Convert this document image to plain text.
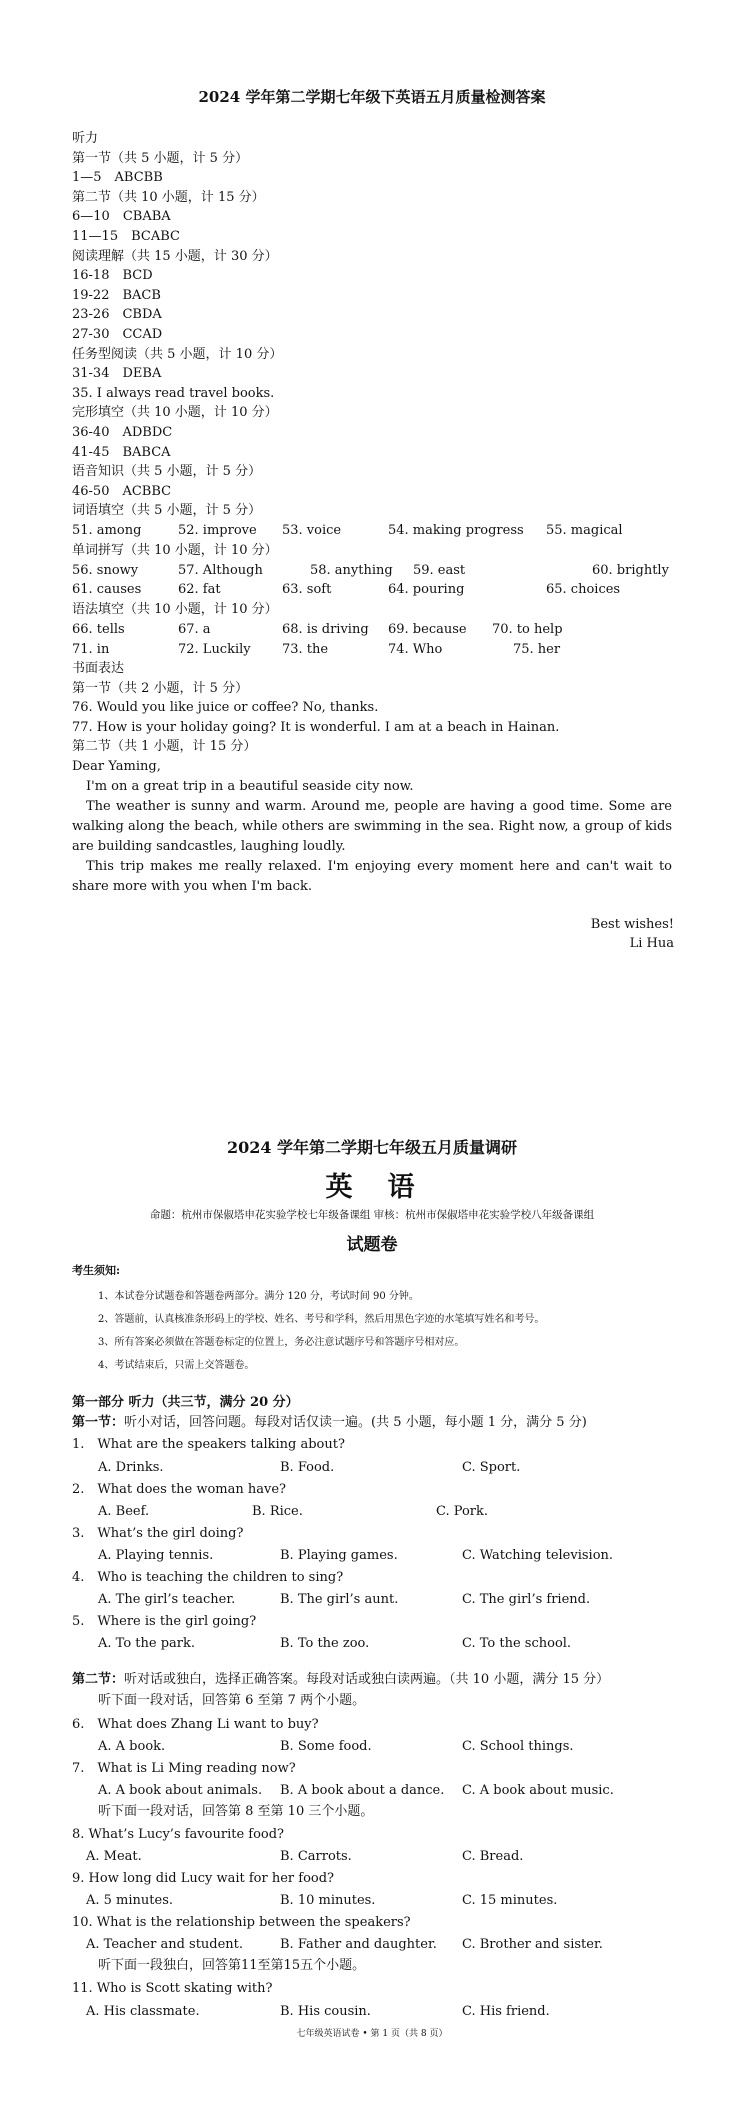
2024 学年第二学期七年级下英语五月质量检测答案
听力
第一节（共 5 小题，计 5 分）
1—5　ABCBB
第二节（共 10 小题，计 15 分）
6—10　CBABA
11—15　BCABC
阅读理解（共 15 小题，计 30 分）
16-18　BCD
19-22　BACB
23-26　CBDA
27-30　CCAD
任务型阅读（共 5 小题，计 10 分）
31-34　DEBA
35. I always read travel books.
完形填空（共 10 小题，计 10 分）
36-40　ADBDC
41-45　BABCA
语音知识（共 5 小题，计 5 分）
46-50　ACBBC
词语填空（共 5 小题，计 5 分）
51. among	52. improve 53. voice	54. making progress 55. magical
单词拼写（共 10 小题，计 10 分）
56. snowy	57. Although	58. anything 59. east	60. brightly
61. causes	62. fat	63. soft	64. pouring	65. choices
语法填空（共 10 小题，计 10 分）
66. tells	67. a	68. is driving 69. because 70. to help
71. in	72. Luckily 73. the	74. Who	75. her
书面表达
第一节（共 2 小题，计 5 分）
76. Would you like juice or coffee? No, thanks.
77. How is your holiday going? It is wonderful. I am at a beach in Hainan.
第二节（共 1 小题，计 15 分）
Dear Yaming,
I'm on a great trip in a beautiful seaside city now.
The weather is sunny and warm. Around me, people are having a good time. Some are walking along the beach, while others are swimming in the sea. Right now, a group of kids are building sandcastles, laughing loudly.
This trip makes me really relaxed. I'm enjoying every moment here and can't wait to share more with you when I'm back.
Best wishes!
Li Hua
2024 学年第二学期七年级五月质量调研
英　语
命题：杭州市保俶塔申花实验学校七年级备课组 审核：杭州市保俶塔申花实验学校八年级备课组
试题卷
考生须知:
1、本试卷分试题卷和答题卷两部分。满分 120 分，考试时间 90 分钟。
2、答题前，认真核准条形码上的学校、姓名、考号和学科，然后用黑色字迹的水笔填写姓名和考号。
3、所有答案必须做在答题卷标定的位置上，务必注意试题序号和答题序号相对应。
4、考试结束后，只需上交答题卷。
第一部分 听力（共三节，满分 20 分）
第一节：听小对话，回答问题。每段对话仅读一遍。(共 5 小题，每小题 1 分，满分 5 分)
1.　What are the speakers talking about?
A. Drinks.	B. Food.	C. Sport.
2.　What does the woman have?
A. Beef.	B. Rice.	C. Pork.
3.　What’s the girl doing?
A. Playing tennis.	B. Playing games.	C. Watching television.
4.　Who is teaching the children to sing?
A. The girl’s teacher.	B. The girl’s aunt.	C. The girl’s friend.
5.　Where is the girl going?
A. To the park.	B. To the zoo.	C. To the school.
第二节：听对话或独白，选择正确答案。每段对话或独白读两遍。（共 10 小题，满分 15 分）
听下面一段对话，回答第 6 至第 7 两个小题。
6.　What does Zhang Li want to buy?
A. A book.	B. Some food.	C. School things.
7.　What is Li Ming reading now?
A. A book about animals. B. A book about a dance. C. A book about music.
听下面一段对话，回答第 8 至第 10 三个小题。
8. What’s Lucy’s favourite food?
A. Meat.	B. Carrots.	C. Bread.
9. How long did Lucy wait for her food?
A. 5 minutes.	B. 10 minutes.	C. 15 minutes.
10. What is the relationship between the speakers?
A. Teacher and student.	B. Father and daughter. C. Brother and sister.
听下面一段独白，回答第11至第15五个小题。
11. Who is Scott skating with?
A. His classmate.	B. His cousin.	C. His friend.
七年级英语试卷 • 第 1 页（共 8 页）
